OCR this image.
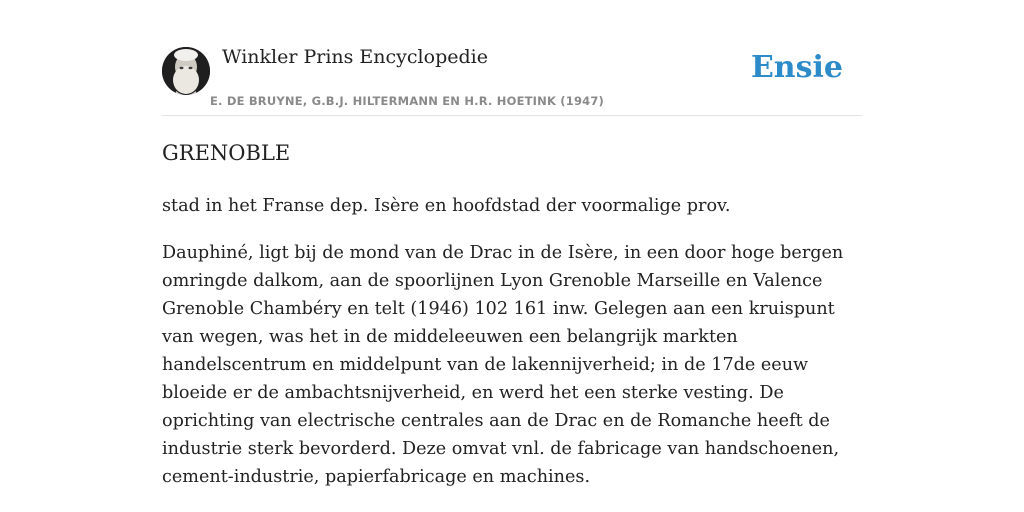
Winkler Prins Encyclopedie
E. DE BRUYNE, G.B.J. HILTERMANN EN H.R. HOETINK (1947)
Ensie
GRENOBLE

stad in het Franse dep. Isère en hoofdstad der voormalige prov.

Dauphiné, ligt bij de mond van de Drac in de Isère, in een door hoge bergen omringde dalkom, aan de spoorlijnen Lyon Grenoble Marseille en Valence Grenoble Chambéry en telt (1946) 102 161 inw. Gelegen aan een kruispunt van wegen, was het in de middeleeuwen een belangrijk markten handelscentrum en middelpunt van de lakennijverheid; in de 17de eeuw bloeide er de ambachtsnijverheid, en werd het een sterke vesting. De oprichting van electrische centrales aan de Drac en de Romanche heeft de industrie sterk bevorderd. Deze omvat vnl. de fabricage van handschoenen, cement-industrie, papierfabricage en machines.
